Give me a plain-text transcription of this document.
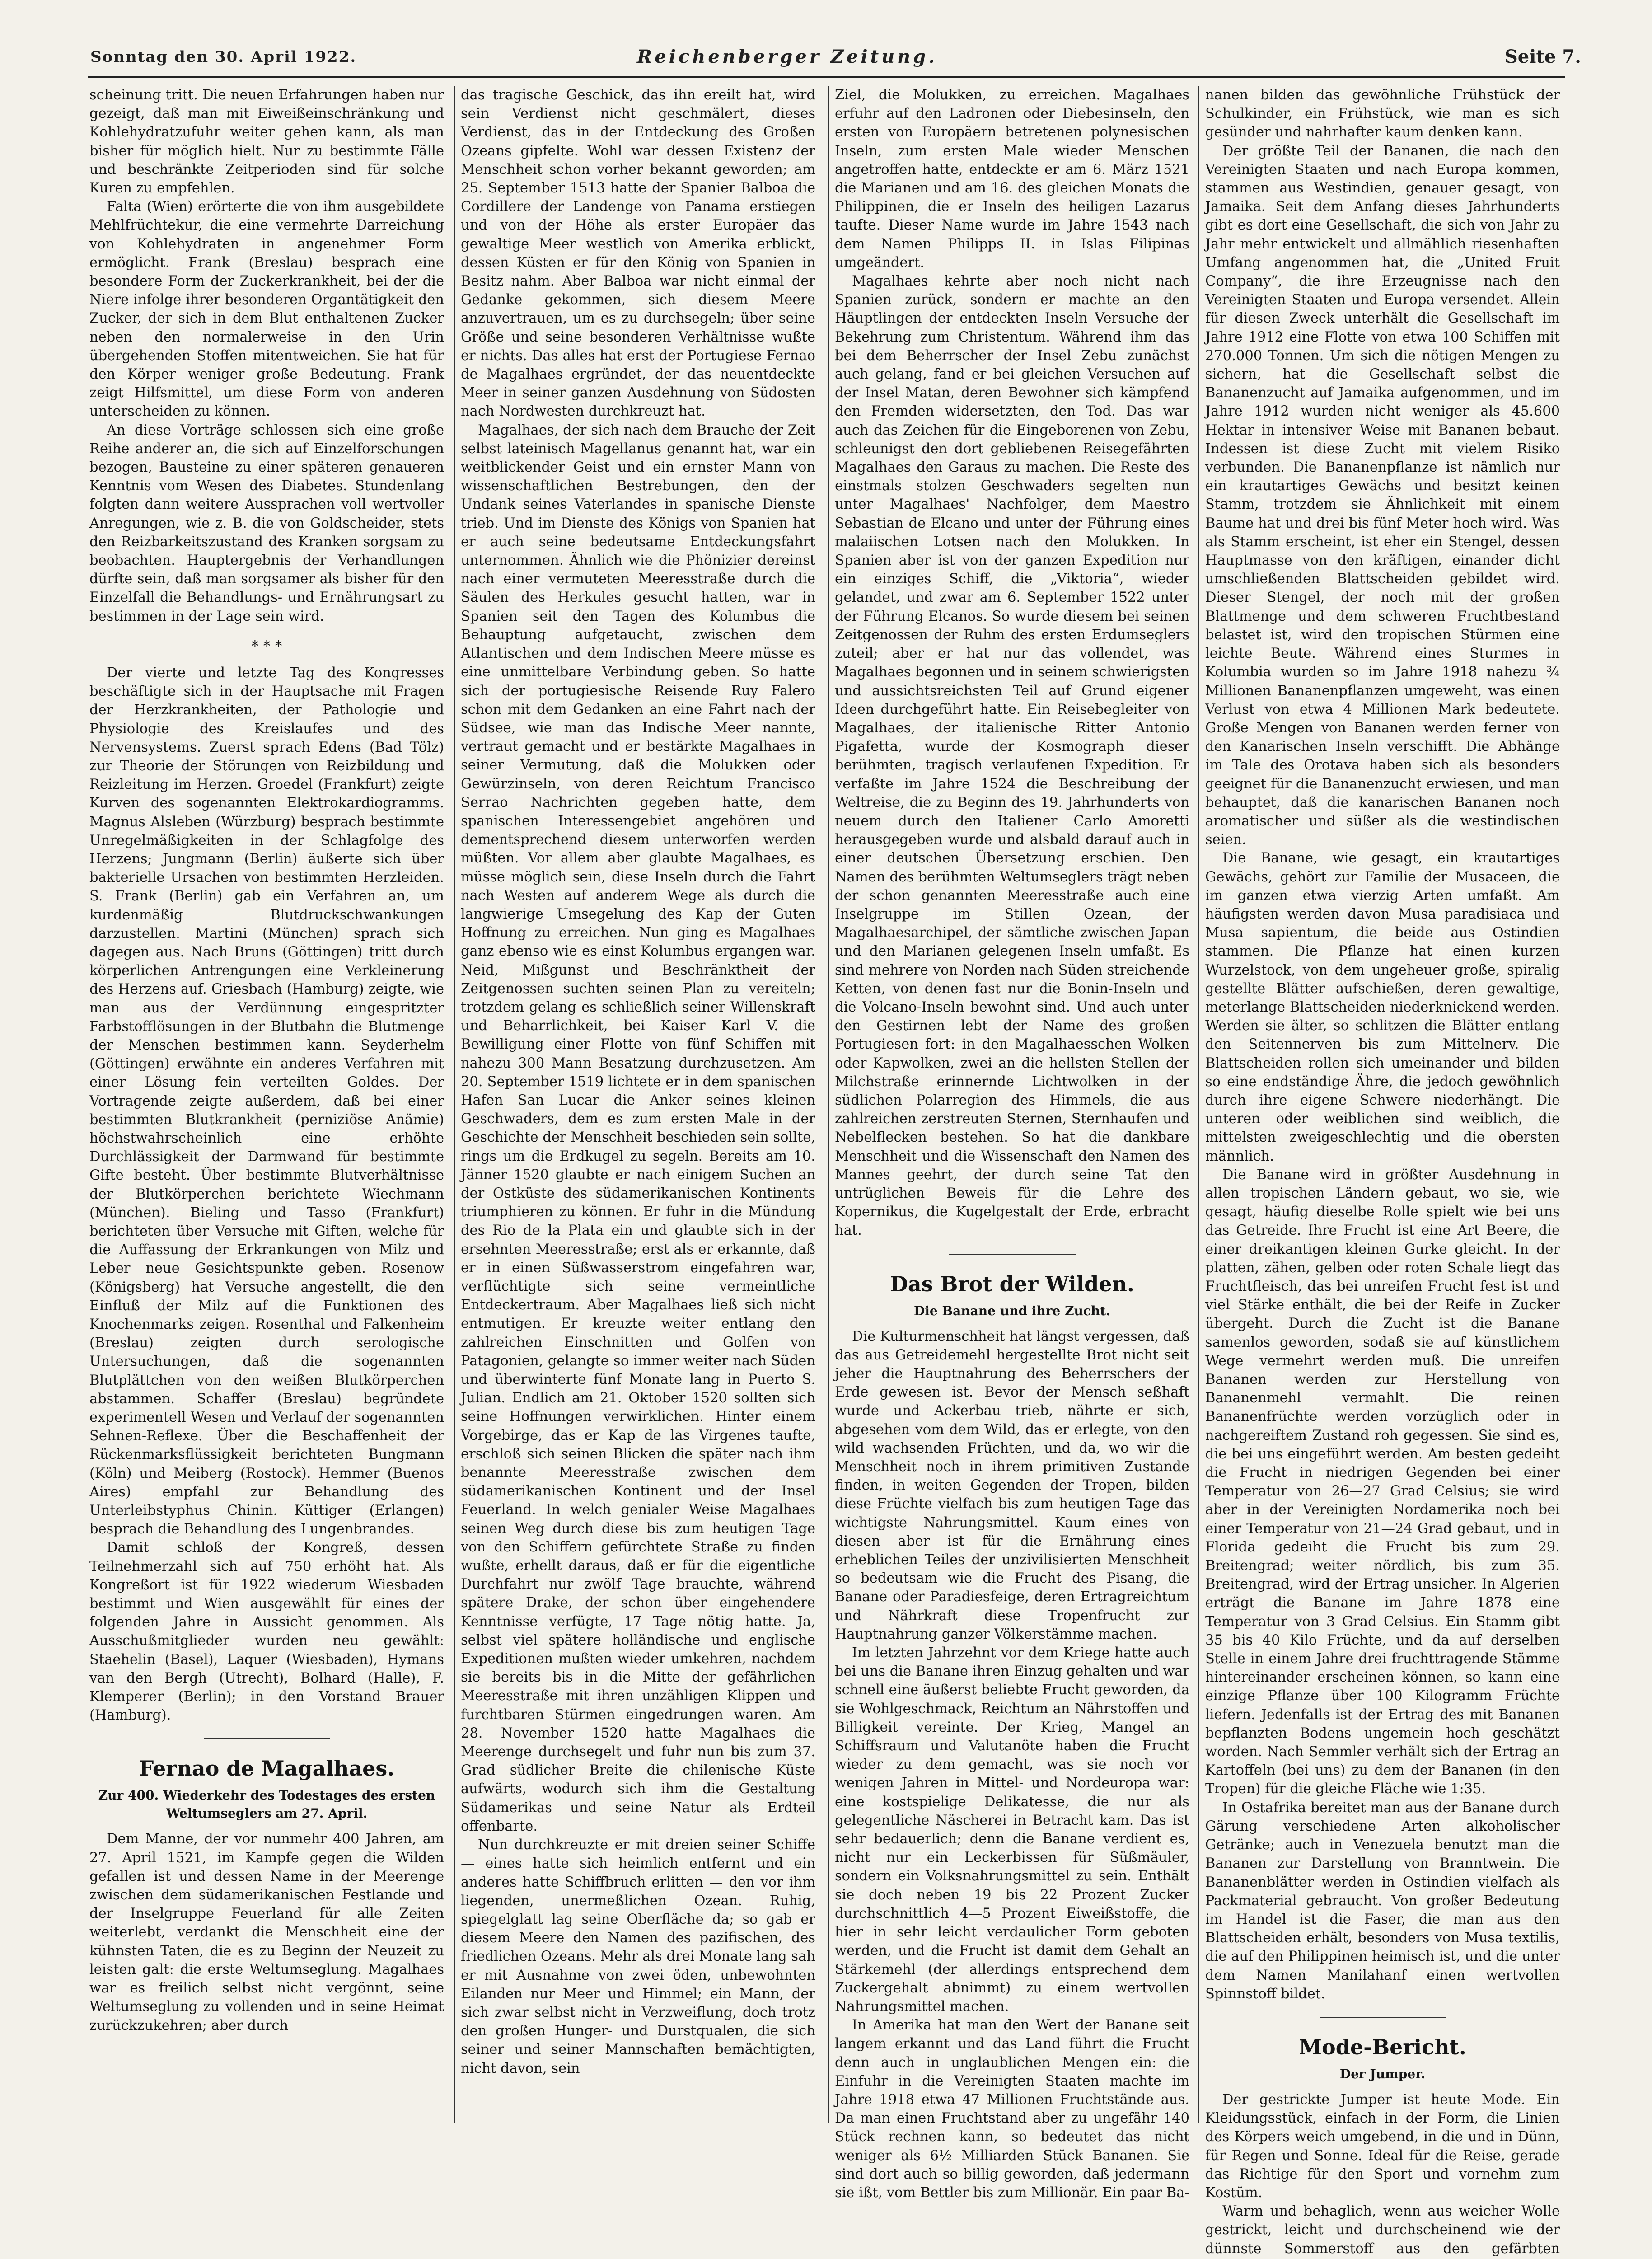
Sonntag den 30. April 1922.	Reichenberger Zeitung.	Seite 7.

scheinung tritt. Die neuen Erfahrungen haben nur gezeigt, daß man mit Eiweißeinschränkung und Kohlehydratzufuhr weiter gehen kann, als man bisher für möglich hielt. Nur zu bestimmte Fälle und beschränkte Zeitperioden sind für solche Kuren zu empfehlen.

Falta (Wien) erörterte die von ihm ausgebildete Mehlfrüchtekur, die eine vermehrte Darreichung von Kohlehydraten in angenehmer Form ermöglicht. Frank (Breslau) besprach eine besondere Form der Zuckerkrankheit, bei der die Niere infolge ihrer besonderen Organtätigkeit den Zucker, der sich in dem Blut enthaltenen Zucker neben den normalerweise in den Urin übergehenden Stoffen mitentweichen. Sie hat für den Körper weniger große Bedeutung. Frank zeigt Hilfsmittel, um diese Form von anderen unterscheiden zu können.

An diese Vorträge schlossen sich eine große Reihe anderer an, die sich auf Einzelforschungen bezogen, Bausteine zu einer späteren genaueren Kenntnis vom Wesen des Diabetes. Stundenlang folgten dann weitere Aussprachen voll wertvoller Anregungen, wie z. B. die von Goldscheider, stets den Reizbarkeitszustand des Kranken sorgsam zu beobachten. Hauptergebnis der Verhandlungen dürfte sein, daß man sorgsamer als bisher für den Einzelfall die Behandlungs- und Ernährungsart zu bestimmen in der Lage sein wird.

* * *

Der vierte und letzte Tag des Kongresses beschäftigte sich in der Hauptsache mit Fragen der Herzkrankheiten, der Pathologie und Physiologie des Kreislaufes und des Nervensystems. Zuerst sprach Edens (Bad Tölz) zur Theorie der Störungen von Reizbildung und Reizleitung im Herzen. Groedel (Frankfurt) zeigte Kurven des sogenannten Elektrokardiogramms. Magnus Alsleben (Würzburg) besprach bestimmte Unregelmäßigkeiten in der Schlagfolge des Herzens; Jungmann (Berlin) äußerte sich über bakterielle Ursachen von bestimmten Herzleiden. S. Frank (Berlin) gab ein Verfahren an, um kurdenmäßig Blutdruckschwankungen darzustellen. Martini (München) sprach sich dagegen aus. Nach Bruns (Göttingen) tritt durch körperlichen Antrengungen eine Verkleinerung des Herzens auf. Griesbach (Hamburg) zeigte, wie man aus der Verdünnung eingespritzter Farbstofflösungen in der Blutbahn die Blutmenge der Menschen bestimmen kann. Seyderhelm (Göttingen) erwähnte ein anderes Verfahren mit einer Lösung fein verteilten Goldes. Der Vortragende zeigte außerdem, daß bei einer bestimmten Blutkrankheit (perniziöse Anämie) höchstwahrscheinlich eine erhöhte Durchlässigkeit der Darmwand für bestimmte Gifte besteht. Über bestimmte Blutverhältnisse der Blutkörperchen berichtete Wiechmann (München). Bieling und Tasso (Frankfurt) berichteten über Versuche mit Giften, welche für die Auffassung der Erkrankungen von Milz und Leber neue Gesichtspunkte geben. Rosenow (Königsberg) hat Versuche angestellt, die den Einfluß der Milz auf die Funktionen des Knochenmarks zeigen. Rosenthal und Falkenheim (Breslau) zeigten durch serologische Untersuchungen, daß die sogenannten Blutplättchen von den weißen Blutkörperchen abstammen. Schaffer (Breslau) begründete experimentell Wesen und Verlauf der sogenannten Sehnen-Reflexe. Über die Beschaffenheit der Rückenmarksflüssigkeit berichteten Bungmann (Köln) und Meiberg (Rostock). Hemmer (Buenos Aires) empfahl zur Behandlung des Unterleibstyphus Chinin. Küttiger (Erlangen) besprach die Behandlung des Lungenbrandes.

Damit schloß der Kongreß, dessen Teilnehmerzahl sich auf 750 erhöht hat. Als Kongreßort ist für 1922 wiederum Wiesbaden bestimmt und Wien ausgewählt für eines der folgenden Jahre in Aussicht genommen. Als Ausschußmitglieder wurden neu gewählt: Staehelin (Basel), Laquer (Wiesbaden), Hymans van den Bergh (Utrecht), Bolhard (Halle), F. Klemperer (Berlin); in den Vorstand Brauer (Hamburg).

Fernao de Magalhaes.
Zur 400. Wiederkehr des Todestages des ersten Weltumseglers am 27. April.

Dem Manne, der vor nunmehr 400 Jahren, am 27. April 1521, im Kampfe gegen die Wilden gefallen ist und dessen Name in der Meerenge zwischen dem südamerikanischen Festlande und der Inselgruppe Feuerland für alle Zeiten weiterlebt, verdankt die Menschheit eine der kühnsten Taten, die es zu Beginn der Neuzeit zu leisten galt: die erste Weltumseglung. Magalhaes war es freilich selbst nicht vergönnt, seine Weltumseglung zu vollenden und in seine Heimat zurückzukehren; aber durch

das tragische Geschick, das ihn ereilt hat, wird sein Verdienst nicht geschmälert, dieses Verdienst, das in der Entdeckung des Großen Ozeans gipfelte. Wohl war dessen Existenz der Menschheit schon vorher bekannt geworden; am 25. September 1513 hatte der Spanier Balboa die Cordillere der Landenge von Panama erstiegen und von der Höhe als erster Europäer das gewaltige Meer westlich von Amerika erblickt, dessen Küsten er für den König von Spanien in Besitz nahm. Aber Balboa war nicht einmal der Gedanke gekommen, sich diesem Meere anzuvertrauen, um es zu durchsegeln; über seine Größe und seine besonderen Verhältnisse wußte er nichts. Das alles hat erst der Portugiese Fernao de Magalhaes ergründet, der das neuentdeckte Meer in seiner ganzen Ausdehnung von Südosten nach Nordwesten durchkreuzt hat.

Magalhaes, der sich nach dem Brauche der Zeit selbst lateinisch Magellanus genannt hat, war ein weitblickender Geist und ein ernster Mann von wissenschaftlichen Bestrebungen, den der Undank seines Vaterlandes in spanische Dienste trieb. Und im Dienste des Königs von Spanien hat er auch seine bedeutsame Entdeckungsfahrt unternommen. Ähnlich wie die Phönizier dereinst nach einer vermuteten Meeresstraße durch die Säulen des Herkules gesucht hatten, war in Spanien seit den Tagen des Kolumbus die Behauptung aufgetaucht, zwischen dem Atlantischen und dem Indischen Meere müsse es eine unmittelbare Verbindung geben. So hatte sich der portugiesische Reisende Ruy Falero schon mit dem Gedanken an eine Fahrt nach der Südsee, wie man das Indische Meer nannte, vertraut gemacht und er bestärkte Magalhaes in seiner Vermutung, daß die Molukken oder Gewürzinseln, von deren Reichtum Francisco Serrao Nachrichten gegeben hatte, dem spanischen Interessengebiet angehören und dementsprechend diesem unterworfen werden müßten. Vor allem aber glaubte Magalhaes, es müsse möglich sein, diese Inseln durch die Fahrt nach Westen auf anderem Wege als durch die langwierige Umsegelung des Kap der Guten Hoffnung zu erreichen. Nun ging es Magalhaes ganz ebenso wie es einst Kolumbus ergangen war. Neid, Mißgunst und Beschränktheit der Zeitgenossen suchten seinen Plan zu vereiteln; trotzdem gelang es schließlich seiner Willenskraft und Beharrlichkeit, bei Kaiser Karl V. die Bewilligung einer Flotte von fünf Schiffen mit nahezu 300 Mann Besatzung durchzusetzen. Am 20. September 1519 lichtete er in dem spanischen Hafen San Lucar die Anker seines kleinen Geschwaders, dem es zum ersten Male in der Geschichte der Menschheit beschieden sein sollte, rings um die Erdkugel zu segeln. Bereits am 10. Jänner 1520 glaubte er nach einigem Suchen an der Ostküste des südamerikanischen Kontinents triumphieren zu können. Er fuhr in die Mündung des Rio de la Plata ein und glaubte sich in der ersehnten Meeresstraße; erst als er erkannte, daß er in einen Süßwasserstrom eingefahren war, verflüchtigte sich seine vermeintliche Entdeckertraum. Aber Magalhaes ließ sich nicht entmutigen. Er kreuzte weiter entlang den zahlreichen Einschnitten und Golfen von Patagonien, gelangte so immer weiter nach Süden und überwinterte fünf Monate lang in Puerto S. Julian. Endlich am 21. Oktober 1520 sollten sich seine Hoffnungen verwirklichen. Hinter einem Vorgebirge, das er Kap de las Virgenes taufte, erschloß sich seinen Blicken die später nach ihm benannte Meeresstraße zwischen dem südamerikanischen Kontinent und der Insel Feuerland. In welch genialer Weise Magalhaes seinen Weg durch diese bis zum heutigen Tage von den Schiffern gefürchtete Straße zu finden wußte, erhellt daraus, daß er für die eigentliche Durchfahrt nur zwölf Tage brauchte, während spätere Drake, der schon über eingehendere Kenntnisse verfügte, 17 Tage nötig hatte. Ja, selbst viel spätere holländische und englische Expeditionen mußten wieder umkehren, nachdem sie bereits bis in die Mitte der gefährlichen Meeresstraße mit ihren unzähligen Klippen und furchtbaren Stürmen eingedrungen waren. Am 28. November 1520 hatte Magalhaes die Meerenge durchsegelt und fuhr nun bis zum 37. Grad südlicher Breite die chilenische Küste aufwärts, wodurch sich ihm die Gestaltung Südamerikas und seine Natur als Erdteil offenbarte.

Nun durchkreuzte er mit dreien seiner Schiffe — eines hatte sich heimlich entfernt und ein anderes hatte Schiffbruch erlitten — den vor ihm liegenden, unermeßlichen Ozean. Ruhig, spiegelglatt lag seine Oberfläche da; so gab er diesem Meere den Namen des pazifischen, des friedlichen Ozeans. Mehr als drei Monate lang sah er mit Ausnahme von zwei öden, unbewohnten Eilanden nur Meer und Himmel; ein Mann, der sich zwar selbst nicht in Verzweiflung, doch trotz den großen Hunger- und Durstqualen, die sich seiner und seiner Mannschaften bemächtigten, nicht davon, sein

Ziel, die Molukken, zu erreichen. Magalhaes erfuhr auf den Ladronen oder Diebesinseln, den ersten von Europäern betretenen polynesischen Inseln, zum ersten Male wieder Menschen angetroffen hatte, entdeckte er am 6. März 1521 die Marianen und am 16. des gleichen Monats die Philippinen, die er Inseln des heiligen Lazarus taufte. Dieser Name wurde im Jahre 1543 nach dem Namen Philipps II. in Islas Filipinas umgeändert.

Magalhaes kehrte aber noch nicht nach Spanien zurück, sondern er machte an den Häuptlingen der entdeckten Inseln Versuche der Bekehrung zum Christentum. Während ihm das bei dem Beherrscher der Insel Zebu zunächst auch gelang, fand er bei gleichen Versuchen auf der Insel Matan, deren Bewohner sich kämpfend den Fremden widersetzten, den Tod. Das war auch das Zeichen für die Eingeborenen von Zebu, schleunigst den dort gebliebenen Reisegefährten Magalhaes den Garaus zu machen. Die Reste des einstmals stolzen Geschwaders segelten nun unter Magalhaes' Nachfolger, dem Maestro Sebastian de Elcano und unter der Führung eines malaiischen Lotsen nach den Molukken. In Spanien aber ist von der ganzen Expedition nur ein einziges Schiff, die „Viktoria“, wieder gelandet, und zwar am 6. September 1522 unter der Führung Elcanos. So wurde diesem bei seinen Zeitgenossen der Ruhm des ersten Erdumseglers zuteil; aber er hat nur das vollendet, was Magalhaes begonnen und in seinem schwierigsten und aussichtsreichsten Teil auf Grund eigener Ideen durchgeführt hatte. Ein Reisebegleiter von Magalhaes, der italienische Ritter Antonio Pigafetta, wurde der Kosmograph dieser berühmten, tragisch verlaufenen Expedition. Er verfaßte im Jahre 1524 die Beschreibung der Weltreise, die zu Beginn des 19. Jahrhunderts von neuem durch den Italiener Carlo Amoretti herausgegeben wurde und alsbald darauf auch in einer deutschen Übersetzung erschien. Den Namen des berühmten Weltumseglers trägt neben der schon genannten Meeresstraße auch eine Inselgruppe im Stillen Ozean, der Magalhaesarchipel, der sämtliche zwischen Japan und den Marianen gelegenen Inseln umfaßt. Es sind mehrere von Norden nach Süden streichende Ketten, von denen fast nur die Bonin-Inseln und die Volcano-Inseln bewohnt sind. Und auch unter den Gestirnen lebt der Name des großen Portugiesen fort: in den Magalhaesschen Wolken oder Kapwolken, zwei an die hellsten Stellen der Milchstraße erinnernde Lichtwolken in der südlichen Polarregion des Himmels, die aus zahlreichen zerstreuten Sternen, Sternhaufen und Nebelflecken bestehen. So hat die dankbare Menschheit und die Wissenschaft den Namen des Mannes geehrt, der durch seine Tat den untrüglichen Beweis für die Lehre des Kopernikus, die Kugelgestalt der Erde, erbracht hat.

Das Brot der Wilden.
Die Banane und ihre Zucht.

Die Kulturmenschheit hat längst vergessen, daß das aus Getreidemehl hergestellte Brot nicht seit jeher die Hauptnahrung des Beherrschers der Erde gewesen ist. Bevor der Mensch seßhaft wurde und Ackerbau trieb, nährte er sich, abgesehen vom dem Wild, das er erlegte, von den wild wachsenden Früchten, und da, wo wir die Menschheit noch in ihrem primitiven Zustande finden, in weiten Gegenden der Tropen, bilden diese Früchte vielfach bis zum heutigen Tage das wichtigste Nahrungsmittel. Kaum eines von diesen aber ist für die Ernährung eines erheblichen Teiles der unzivilisierten Menschheit so bedeutsam wie die Frucht des Pisang, die Banane oder Paradiesfeige, deren Ertragreichtum und Nährkraft diese Tropenfrucht zur Hauptnahrung ganzer Völkerstämme machen.

Im letzten Jahrzehnt vor dem Kriege hatte auch bei uns die Banane ihren Einzug gehalten und war schnell eine äußerst beliebte Frucht geworden, da sie Wohlgeschmack, Reichtum an Nährstoffen und Billigkeit vereinte. Der Krieg, Mangel an Schiffsraum und Valutanöte haben die Frucht wieder zu dem gemacht, was sie noch vor wenigen Jahren in Mittel- und Nordeuropa war: eine kostspielige Delikatesse, die nur als gelegentliche Näscherei in Betracht kam. Das ist sehr bedauerlich; denn die Banane verdient es, nicht nur ein Leckerbissen für Süßmäuler, sondern ein Volksnahrungsmittel zu sein. Enthält sie doch neben 19 bis 22 Prozent Zucker durchschnittlich 4—5 Prozent Eiweißstoffe, die hier in sehr leicht verdaulicher Form geboten werden, und die Frucht ist damit dem Gehalt an Stärkemehl (der allerdings entsprechend dem Zuckergehalt abnimmt) zu einem wertvollen Nahrungsmittel machen.

In Amerika hat man den Wert der Banane seit langem erkannt und das Land führt die Frucht denn auch in unglaublichen Mengen ein: die Einfuhr in die Vereinigten Staaten machte im Jahre 1918 etwa 47 Millionen Fruchtstände aus. Da man einen Fruchtstand aber zu ungefähr 140 Stück rechnen kann, so bedeutet das nicht weniger als 6½ Milliarden Stück Bananen. Sie sind dort auch so billig geworden, daß jedermann sie ißt, vom Bettler bis zum Millionär. Ein paar Ba-

nanen bilden das gewöhnliche Frühstück der Schulkinder, ein Frühstück, wie man es sich gesünder und nahrhafter kaum denken kann.

Der größte Teil der Bananen, die nach den Vereinigten Staaten und nach Europa kommen, stammen aus Westindien, genauer gesagt, von Jamaika. Seit dem Anfang dieses Jahrhunderts gibt es dort eine Gesellschaft, die sich von Jahr zu Jahr mehr entwickelt und allmählich riesenhaften Umfang angenommen hat, die „United Fruit Company“, die ihre Erzeugnisse nach den Vereinigten Staaten und Europa versendet. Allein für diesen Zweck unterhält die Gesellschaft im Jahre 1912 eine Flotte von etwa 100 Schiffen mit 270.000 Tonnen. Um sich die nötigen Mengen zu sichern, hat die Gesellschaft selbst die Bananenzucht auf Jamaika aufgenommen, und im Jahre 1912 wurden nicht weniger als 45.600 Hektar in intensiver Weise mit Bananen bebaut. Indessen ist diese Zucht mit vielem Risiko verbunden. Die Bananenpflanze ist nämlich nur ein krautartiges Gewächs und besitzt keinen Stamm, trotzdem sie Ähnlichkeit mit einem Baume hat und drei bis fünf Meter hoch wird. Was als Stamm erscheint, ist eher ein Stengel, dessen Hauptmasse von den kräftigen, einander dicht umschließenden Blattscheiden gebildet wird. Dieser Stengel, der noch mit der großen Blattmenge und dem schweren Fruchtbestand belastet ist, wird den tropischen Stürmen eine leichte Beute. Während eines Sturmes in Kolumbia wurden so im Jahre 1918 nahezu ¾ Millionen Bananenpflanzen umgeweht, was einen Verlust von etwa 4 Millionen Mark bedeutete. Große Mengen von Bananen werden ferner von den Kanarischen Inseln verschifft. Die Abhänge im Tale des Orotava haben sich als besonders geeignet für die Bananenzucht erwiesen, und man behauptet, daß die kanarischen Bananen noch aromatischer und süßer als die westindischen seien.

Die Banane, wie gesagt, ein krautartiges Gewächs, gehört zur Familie der Musaceen, die im ganzen etwa vierzig Arten umfaßt. Am häufigsten werden davon Musa paradisiaca und Musa sapientum, die beide aus Ostindien stammen. Die Pflanze hat einen kurzen Wurzelstock, von dem ungeheuer große, spiralig gestellte Blätter aufschießen, deren gewaltige, meterlange Blattscheiden niederknickend werden. Werden sie älter, so schlitzen die Blätter entlang den Seitennerven bis zum Mittelnerv. Die Blattscheiden rollen sich umeinander und bilden so eine endständige Ähre, die jedoch gewöhnlich durch ihre eigene Schwere niederhängt. Die unteren oder weiblichen sind weiblich, die mittelsten zweigeschlechtig und die obersten männlich.

Die Banane wird in größter Ausdehnung in allen tropischen Ländern gebaut, wo sie, wie gesagt, häufig dieselbe Rolle spielt wie bei uns das Getreide. Ihre Frucht ist eine Art Beere, die einer dreikantigen kleinen Gurke gleicht. In der platten, zähen, gelben oder roten Schale liegt das Fruchtfleisch, das bei unreifen Frucht fest ist und viel Stärke enthält, die bei der Reife in Zucker übergeht. Durch die Zucht ist die Banane samenlos geworden, sodaß sie auf künstlichem Wege vermehrt werden muß. Die unreifen Bananen werden zur Herstellung von Bananenmehl vermahlt. Die reinen Bananenfrüchte werden vorzüglich oder in nachgereiftem Zustand roh gegessen. Sie sind es, die bei uns eingeführt werden. Am besten gedeiht die Frucht in niedrigen Gegenden bei einer Temperatur von 26—27 Grad Celsius; sie wird aber in der Vereinigten Nordamerika noch bei einer Temperatur von 21—24 Grad gebaut, und in Florida gedeiht die Frucht bis zum 29. Breitengrad; weiter nördlich, bis zum 35. Breitengrad, wird der Ertrag unsicher. In Algerien erträgt die Banane im Jahre 1878 eine Temperatur von 3 Grad Celsius. Ein Stamm gibt 35 bis 40 Kilo Früchte, und da auf derselben Stelle in einem Jahre drei fruchttragende Stämme hintereinander erscheinen können, so kann eine einzige Pflanze über 100 Kilogramm Früchte liefern. Jedenfalls ist der Ertrag des mit Bananen bepflanzten Bodens ungemein hoch geschätzt worden. Nach Semmler verhält sich der Ertrag an Kartoffeln (bei uns) zu dem der Bananen (in den Tropen) für die gleiche Fläche wie 1:35.

In Ostafrika bereitet man aus der Banane durch Gärung verschiedene Arten alkoholischer Getränke; auch in Venezuela benutzt man die Bananen zur Darstellung von Branntwein. Die Bananenblätter werden in Ostindien vielfach als Packmaterial gebraucht. Von großer Bedeutung im Handel ist die Faser, die man aus den Blattscheiden erhält, besonders von Musa textilis, die auf den Philippinen heimisch ist, und die unter dem Namen Manilahanf einen wertvollen Spinnstoff bildet.

Mode-Bericht.
Der Jumper.

Der gestrickte Jumper ist heute Mode. Ein Kleidungsstück, einfach in der Form, die Linien des Körpers weich umgebend, in die und in Dünn, für Regen und Sonne. Ideal für die Reise, gerade das Richtige für den Sport und vornehm zum Kostüm.

Warm und behaglich, wenn aus weicher Wolle gestrickt, leicht und durchscheinend wie der dünnste Sommerstoff aus den gefärbten
